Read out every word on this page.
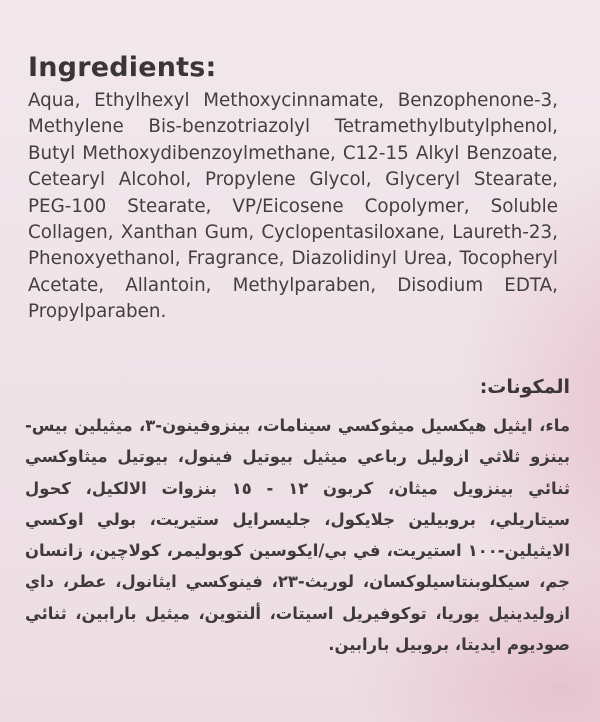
Ingredients:

Aqua, Ethylhexyl Methoxycinnamate, Benzophenone-3, Methylene Bis-benzotriazolyl Tetramethylbutylphenol, Butyl Methoxydibenzoylmethane, C12-15 Alkyl Benzoate, Cetearyl Alcohol, Propylene Glycol, Glyceryl Stearate, PEG-100 Stearate, VP/Eicosene Copolymer, Soluble Collagen, Xanthan Gum, Cyclopentasiloxane, Laureth-23, Phenoxyethanol, Fragrance, Diazolidinyl Urea, Tocopheryl Acetate, Allantoin, Methylparaben, Disodium EDTA, Propylparaben.

المكونات:

ماء، ايثيل هيكسيل ميثوكسي سينامات، بينزوفينون-٣، ميثيلين بيس-بينزو ثلاثي ازوليل رباعي ميثيل بيوتيل فينول، بيوتيل ميثاوكسي ثنائي بينزويل ميثان، كربون ١٢ - ١٥ بنزوات الالكيل، كحول سيتاريلي، بروبيلين جلايكول، جليسرايل ستيريت، بولي اوكسي الايثيلين-١٠٠ استيريت، في بي/ايكوسين كوبوليمر، كولاچين، زانسان جم، سيكلوبنتاسيلوكسان، لوريث-٢٣، فينوكسي ايثانول، عطر، داي ازوليدينيل يوريا، توكوفيريل اسيتات، ألنتوين، ميثيل بارابين، ثنائي صوديوم ايديتا، بروبيل بارابين.
